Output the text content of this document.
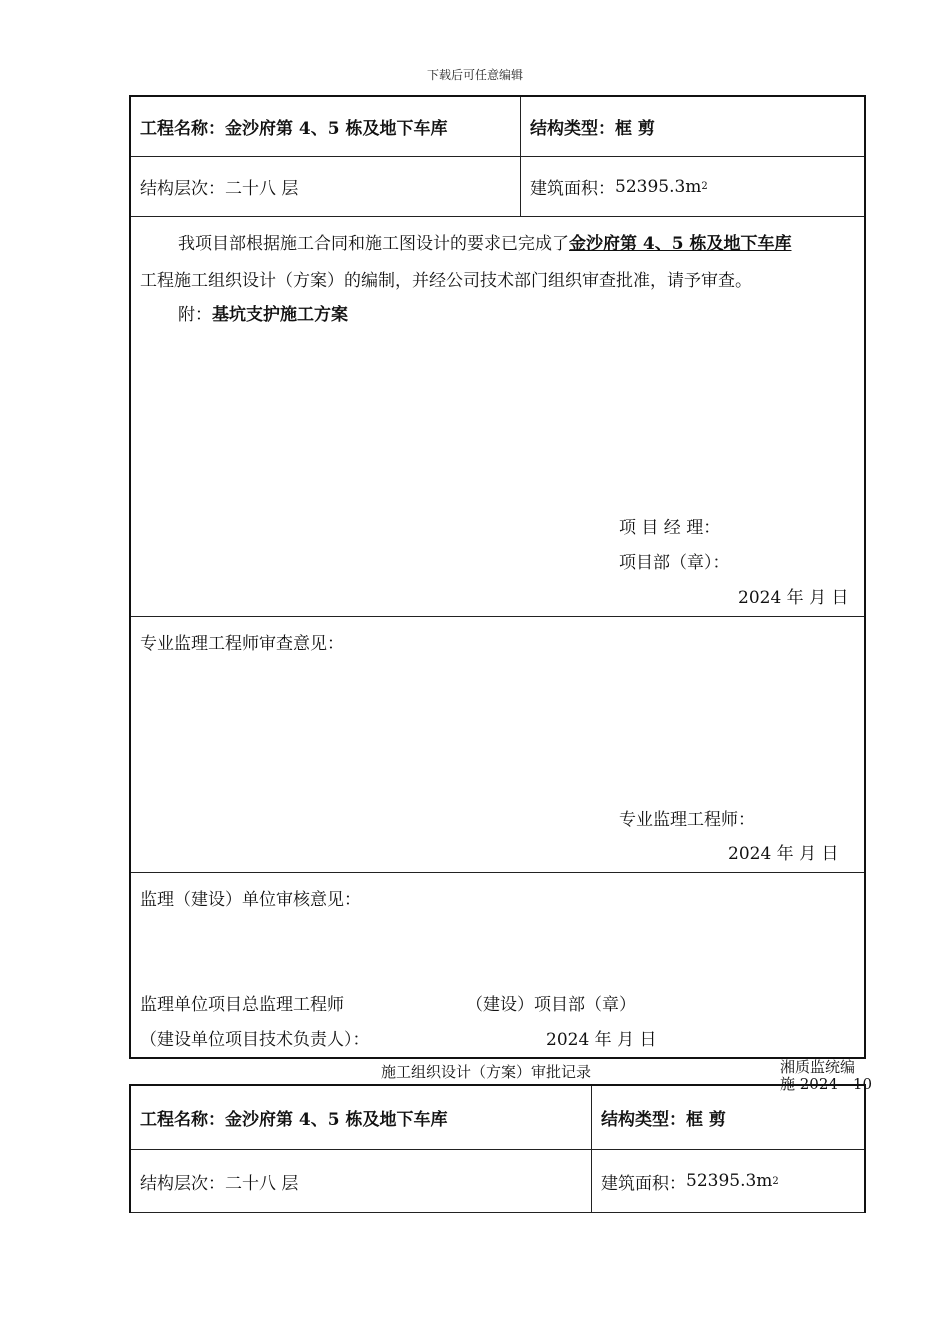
下载后可任意编辑
工程名称： 金沙府第 4、5 栋及地下车库	结构类型： 框 剪
结构层次： 二十八 层	建筑面积： 52395.3m 2
我项目部根据施工合同和施工图设计的要求已完成了金沙府第 4、5 栋及地下车库
工程施工组织设计（方案）的编制，并经公司技术部门组织审查批准，请予审查。
附：基坑支护施工方案
项 目 经 理：
项目部（章）：
2024 年 月 日
专业监理工程师审查意见：
专业监理工程师：
2024 年 月 日
监理（建设）单位审核意见：
监理单位项目总监理工程师	（建设）项目部（章）
（建设单位项目技术负责人）：	2024 年 月 日
施工组织设计（方案）审批记录	湘质监统编
施 2024—10
工程名称： 金沙府第 4、5 栋及地下车库	结构类型： 框 剪
结构层次： 二十八 层	建筑面积： 52395.3m 2
